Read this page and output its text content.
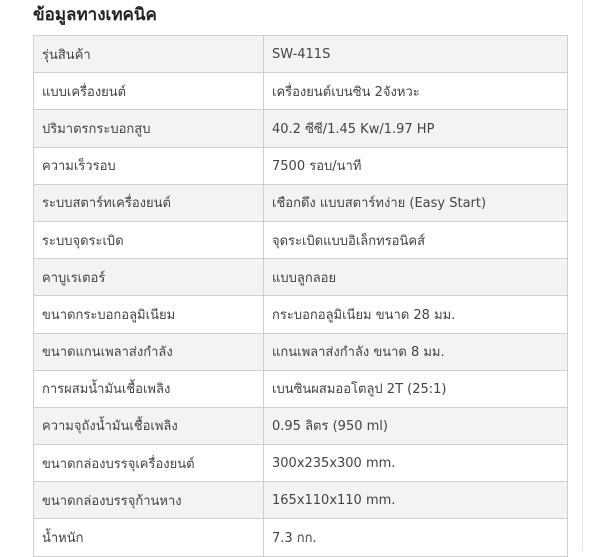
ข้อมูลทางเทคนิค
รุ่นสินค้า	SW-411S
แบบเครื่องยนต์	เครื่องยนต์เบนซิน 2จังหวะ
ปริมาตรกระบอกสูบ	40.2 ซีซี/1.45 Kw/1.97 HP
ความเร็วรอบ	7500 รอบ/นาที
ระบบสตาร์ทเครื่องยนต์	เชือกดึง แบบสตาร์ทง่าย (Easy Start)
ระบบจุดระเบิด	จุดระเบิดแบบอิเล็กทรอนิคส์
คาบูเรเตอร์	แบบลูกลอย
ขนาดกระบอกอลูมิเนียม	กระบอกอลูมิเนียม ขนาด 28 มม.
ขนาดแกนเพลาส่งกำลัง	แกนเพลาส่งกำลัง ขนาด 8 มม.
การผสมน้ำมันเชื้อเพลิง	เบนซินผสมออโตลูป 2T (25:1)
ความจุถังน้ำมันเชื้อเพลิง	0.95 ลิตร (950 ml)
ขนาดกล่องบรรจุเครื่องยนต์	300x235x300 mm.
ขนาดกล่องบรรจุก้านหาง	165x110x110 mm.
น้ำหนัก	7.3 กก.
